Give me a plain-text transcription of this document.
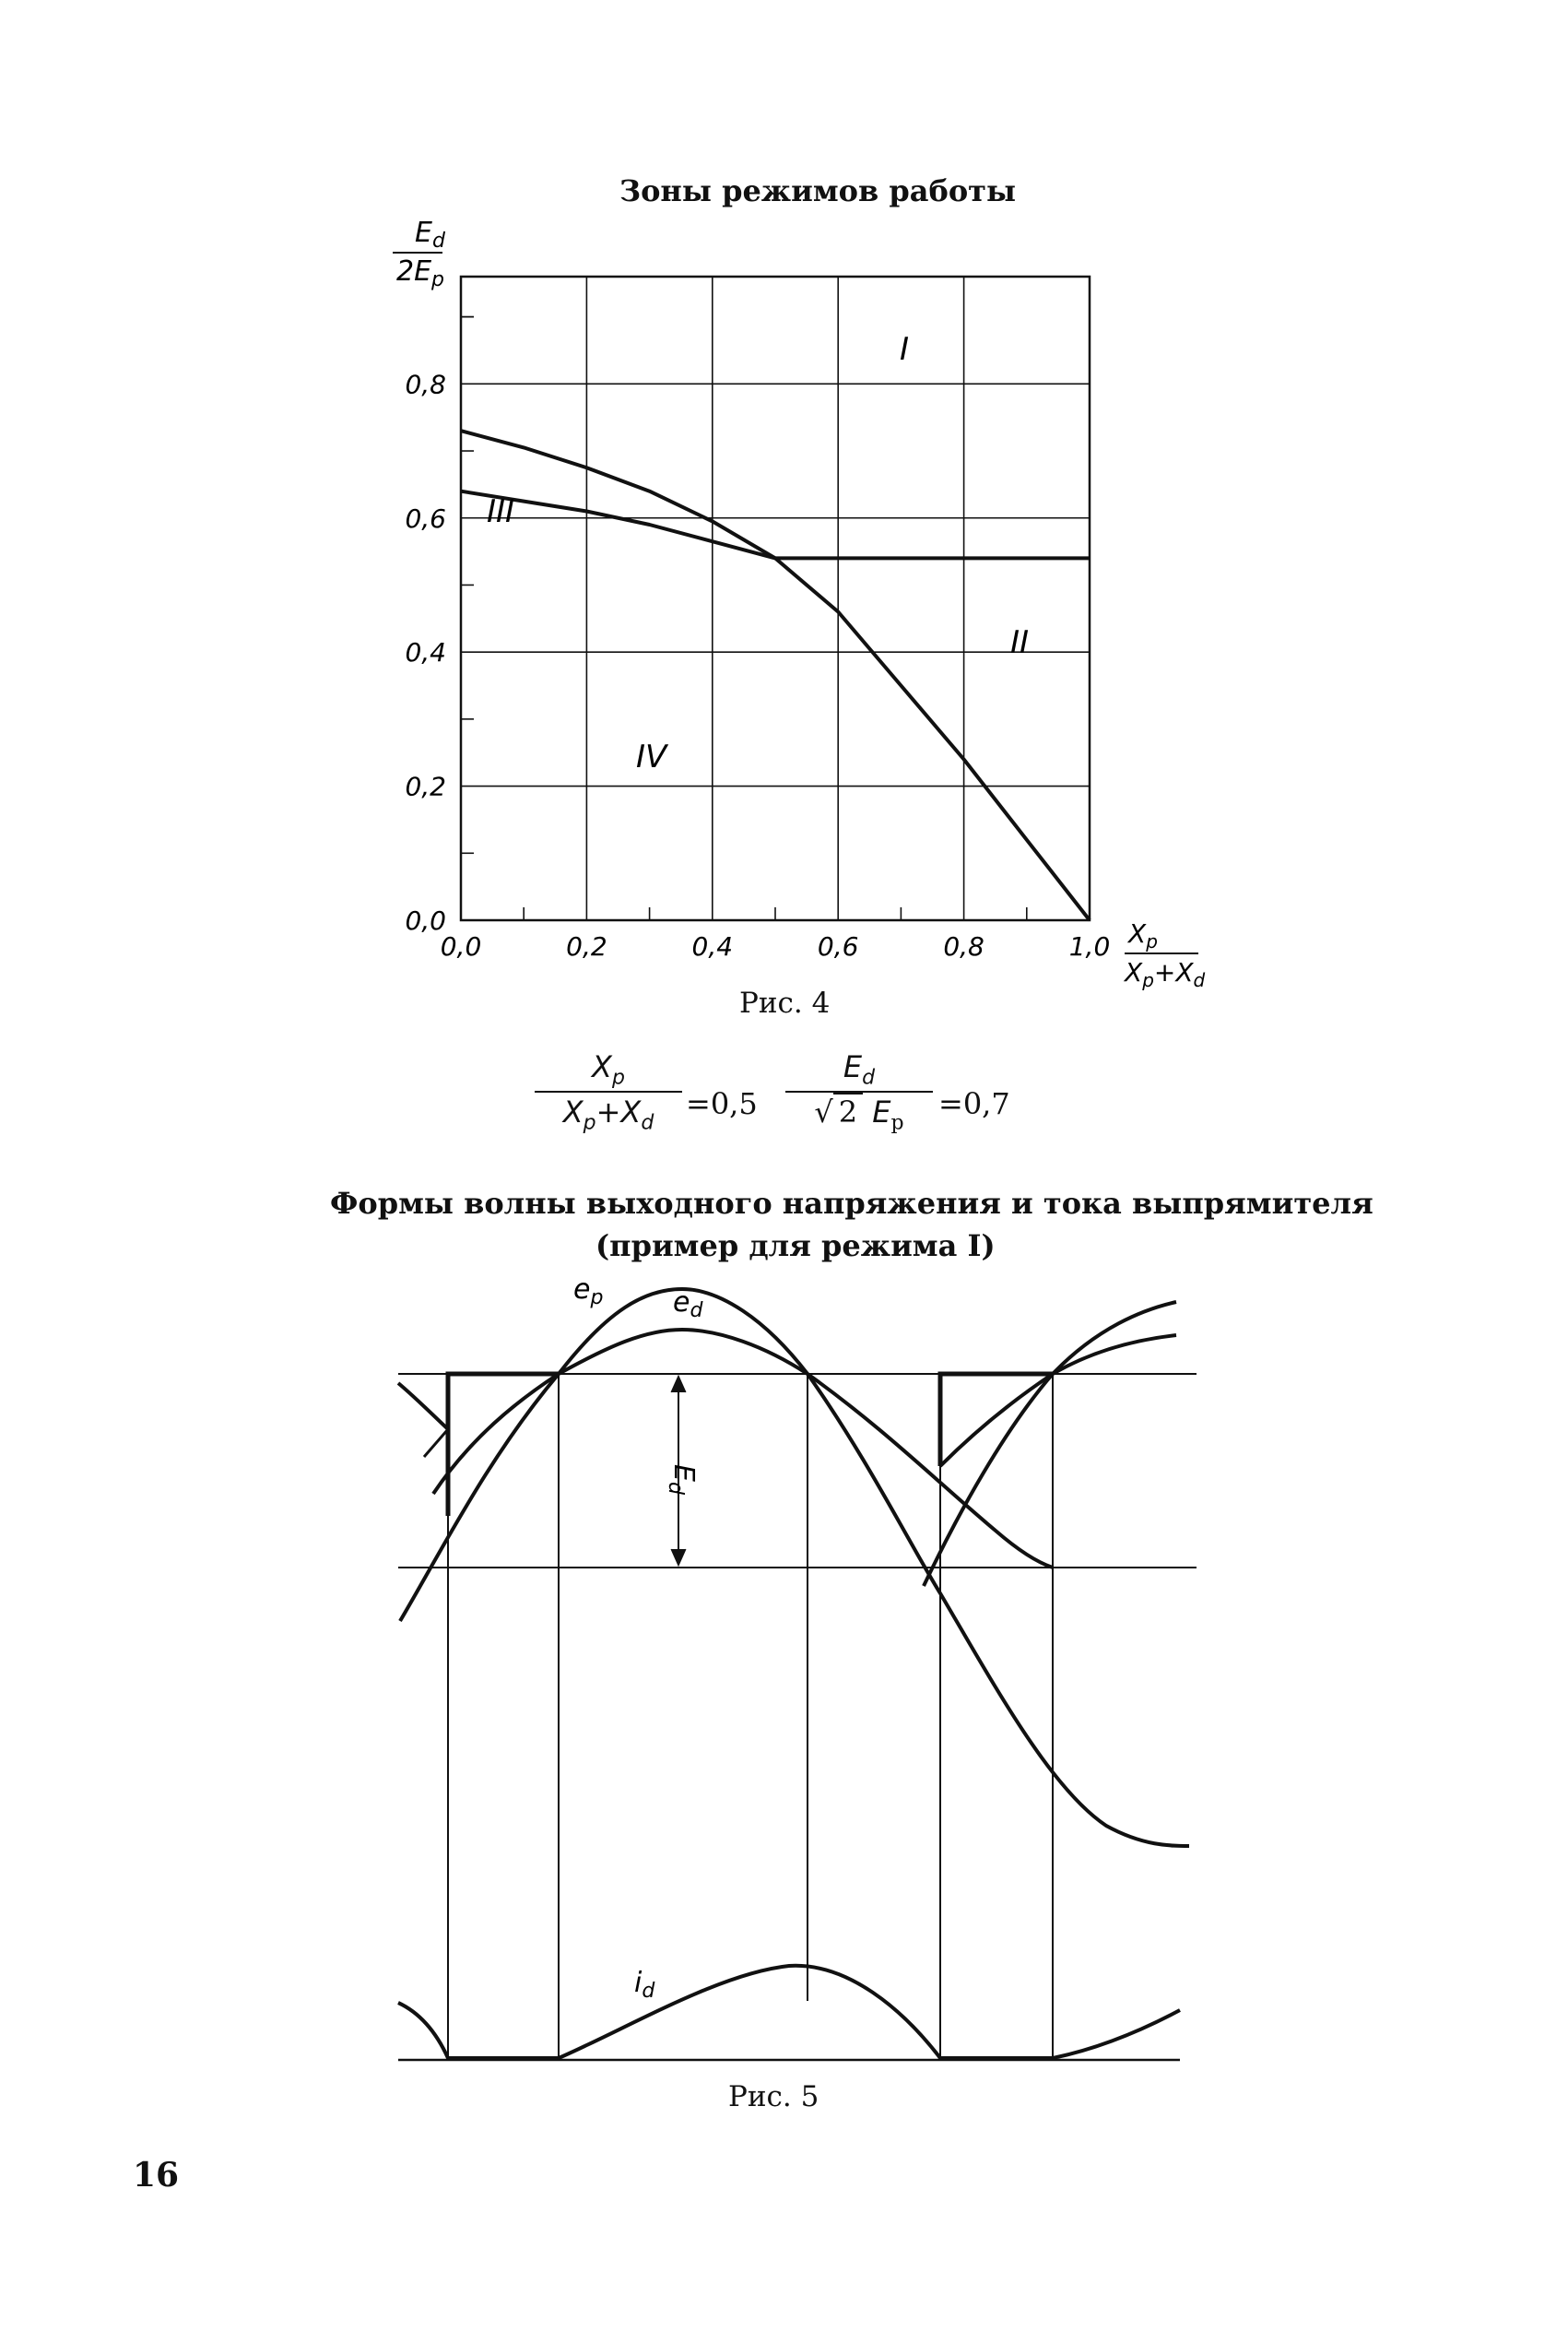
Зоны режимов работы
$E_d$
$2E_p$
0,8
0,6
0,4
0,2
0,0
0,0	0,2	0,4	0,6	0,8	1,0
I
II
III
IV
$X_p$
$X_p+X_d$
Рис. 4
$X_p$
$X_p+X_d$
=0,5
$E_d$
√ 2 $E_p$
=0,7
Формы волны выходного напряжения и тока выпрямителя
(пример для режима I)
$E_d$
$e_p$	$e_d$
$i_d$
Рис. 5
16
